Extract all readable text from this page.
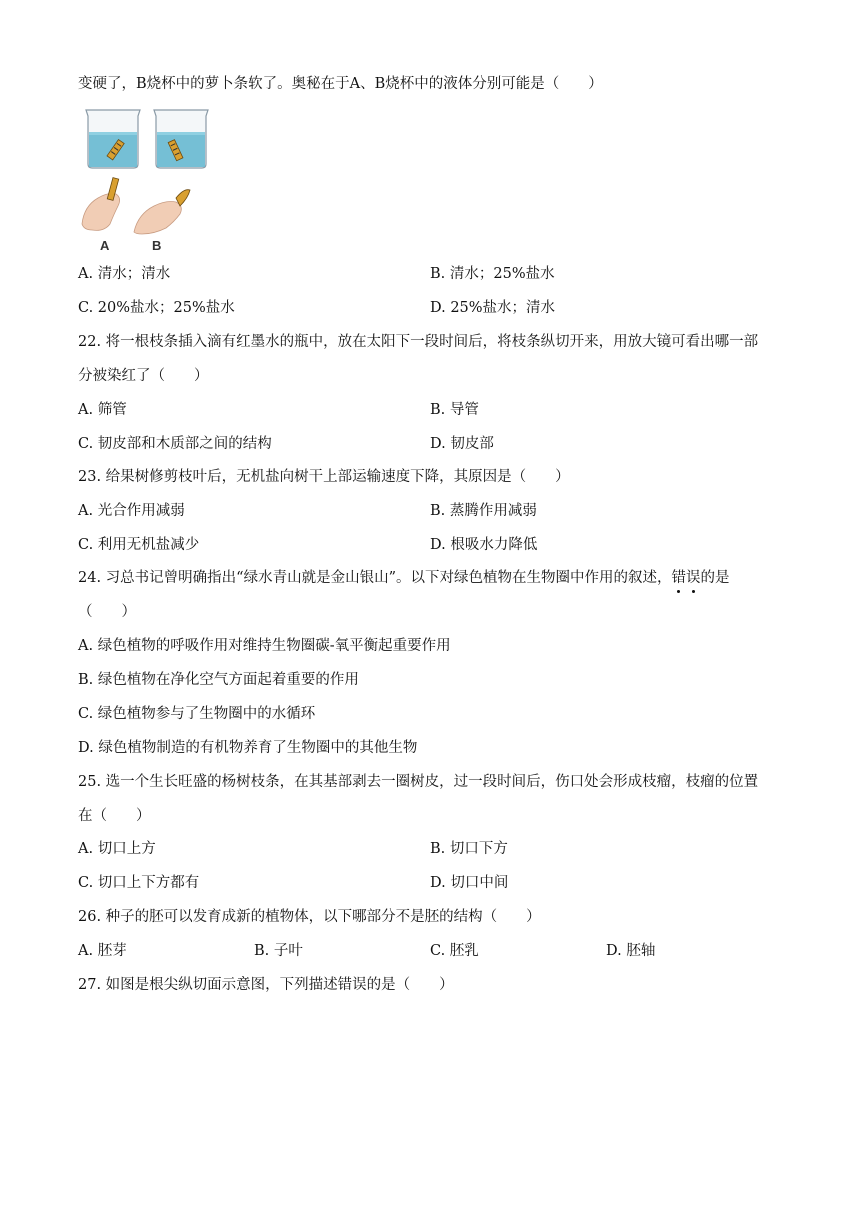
变硬了，B烧杯中的萝卜条软了。奥秘在于A、B烧杯中的液体分别可能是（　　）
A	B
A. 清水；清水	B. 清水；25%盐水
C. 20%盐水；25%盐水	D. 25%盐水；清水
22. 将一根枝条插入滴有红墨水的瓶中，放在太阳下一段时间后，将枝条纵切开来，用放大镜可看出哪一部
分被染红了（　　）
A. 筛管	B. 导管
C. 韧皮部和木质部之间的结构	D. 韧皮部
23. 给果树修剪枝叶后，无机盐向树干上部运输速度下降，其原因是（　　）
A. 光合作用减弱	B. 蒸腾作用减弱
C. 利用无机盐减少	D. 根吸水力降低
24. 习总书记曾明确指出“绿水青山就是金山银山”。以下对绿色植物在生物圈中作用的叙述，错误的是
（　　）
A. 绿色植物的呼吸作用对维持生物圈碳-氧平衡起重要作用
B. 绿色植物在净化空气方面起着重要的作用
C. 绿色植物参与了生物圈中的水循环
D. 绿色植物制造的有机物养育了生物圈中的其他生物
25. 选一个生长旺盛的杨树枝条，在其基部剥去一圈树皮，过一段时间后，伤口处会形成枝瘤，枝瘤的位置
在（　　）
A. 切口上方	B. 切口下方
C. 切口上下方都有	D. 切口中间
26. 种子的胚可以发育成新的植物体，以下哪部分不是胚的结构（　　）
A. 胚芽	B. 子叶	C. 胚乳	D. 胚轴
27. 如图是根尖纵切面示意图，下列描述错误的是（　　）
